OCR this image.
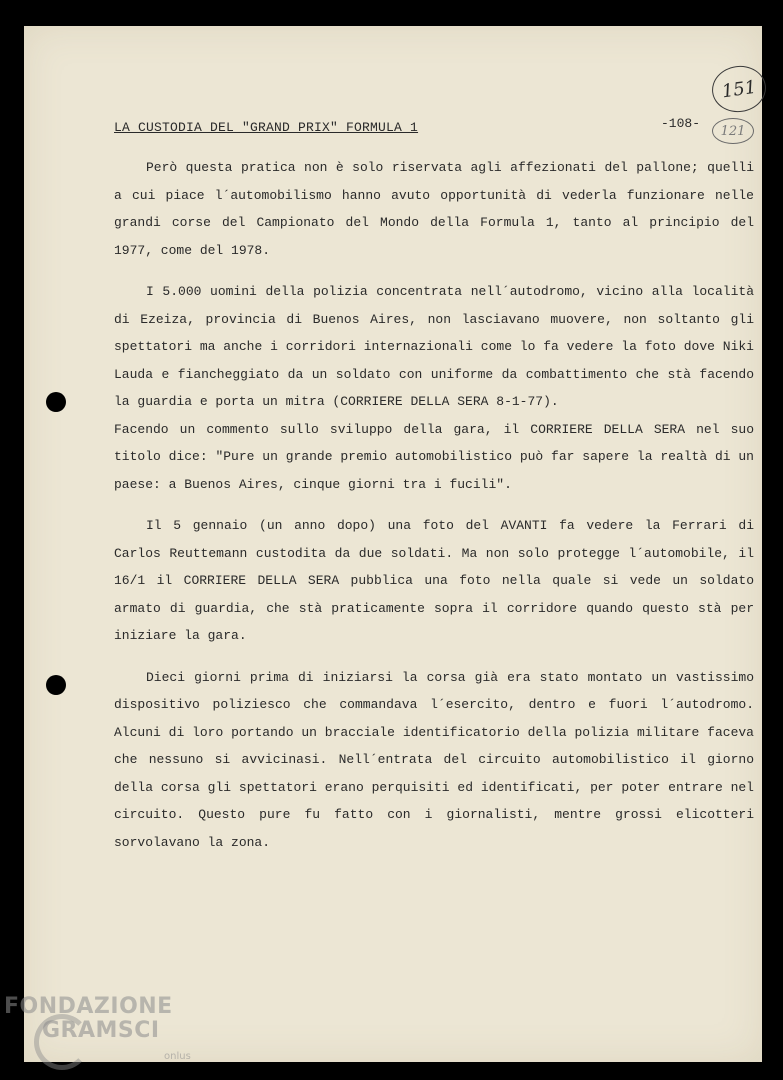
LA CUSTODIA DEL "GRAND PRIX" FORMULA 1	-108-
151
121

Però questa pratica non è solo riservata agli affezionati del pallone; quelli a cui piace l´automobilismo hanno avuto opportunità di vederla funzionare nelle grandi corse del Campionato del Mondo della Formula 1, tanto al principio del 1977, come del 1978.

I 5.000 uomini della polizia concentrata nell´autodromo, vicino alla località di Ezeiza, provincia di Buenos Aires, non lasciavano muovere, non soltanto gli spettatori ma anche i corridori internazionali come lo fa vedere la foto dove Niki Lauda e fiancheggiato da un soldato con uniforme da combattimento che stà facendo la guardia e porta un mitra (CORRIERE DELLA SERA 8-1-77).

Facendo un commento sullo sviluppo della gara, il CORRIERE DELLA SERA nel suo titolo dice: "Pure un grande premio automobilistico può far sapere la realtà di un paese: a Buenos Aires, cinque giorni tra i fucili".

Il 5 gennaio (un anno dopo) una foto del AVANTI fa vedere la Ferrari di Carlos Reuttemann custodita da due soldati. Ma non solo protegge l´automobile, il 16/1 il CORRIERE DELLA SERA pubblica una foto nella quale si vede un soldato armato di guardia, che stà praticamente sopra il corridore quando questo stà per iniziare la gara.

Dieci giorni prima di iniziarsi la corsa già era stato montato un vastissimo dispositivo poliziesco che commandava l´esercito, dentro e fuori l´autodromo. Alcuni di loro portando un bracciale identificatorio della polizia militare faceva che nessuno si avvicinasi. Nell´entrata del circuito automobilistico il giorno della corsa gli spettatori erano perquisiti ed identificati, per poter entrare nel circuito. Questo pure fu fatto con i giornalisti, mentre grossi elicotteri sorvolavano la zona.

FONDAZIONE
GRAMSCI
onlus
